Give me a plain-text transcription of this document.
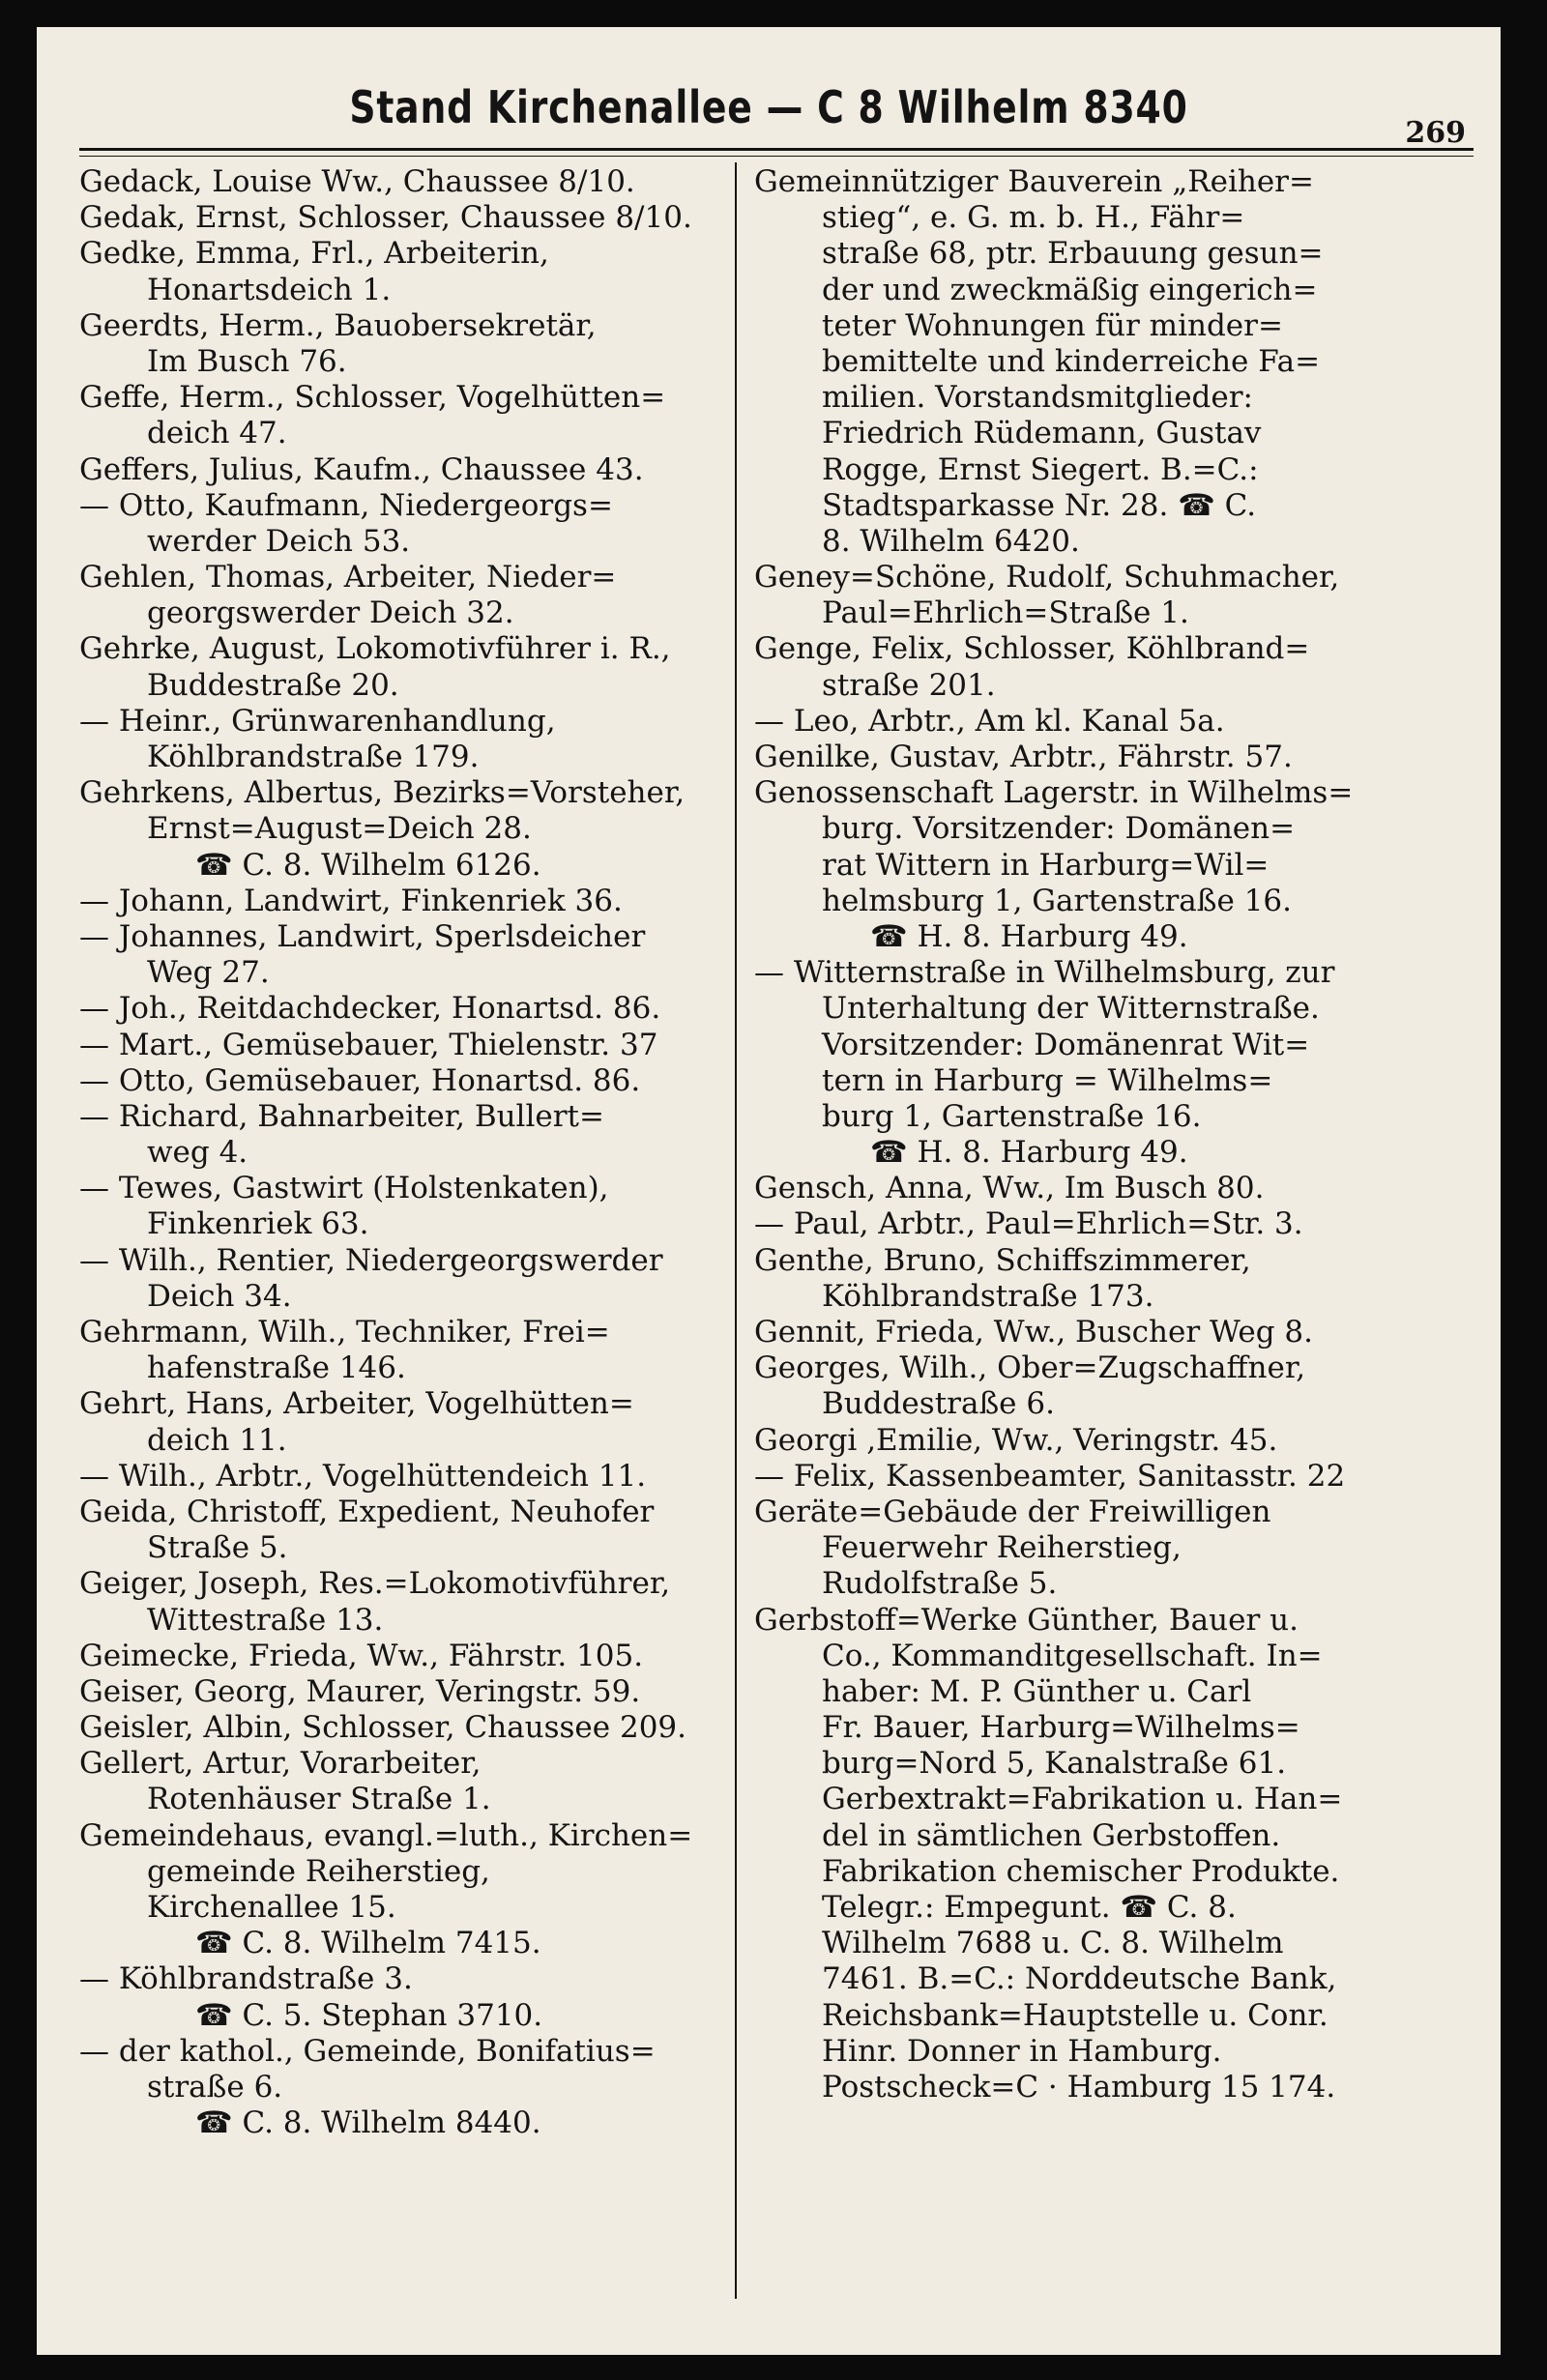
Stand Kirchenallee — C 8 Wilhelm 8340	269
Gedack, Louise Ww., Chaussee 8/10.
Gedak, Ernst, Schlosser, Chaussee 8/10.
Gedke, Emma, Frl., Arbeiterin,
Honartsdeich 1.
Geerdts, Herm., Bauobersekretär,
Im Busch 76.
Geffe, Herm., Schlosser, Vogelhütten=
deich 47.
Geffers, Julius, Kaufm., Chaussee 43.
— Otto, Kaufmann, Niedergeorgs=
werder Deich 53.
Gehlen, Thomas, Arbeiter, Nieder=
georgswerder Deich 32.
Gehrke, August, Lokomotivführer i. R.,
Buddestraße 20.
— Heinr., Grünwarenhandlung,
Köhlbrandstraße 179.
Gehrkens, Albertus, Bezirks=Vorsteher,
Ernst=August=Deich 28.
☎ C. 8. Wilhelm 6126.
— Johann, Landwirt, Finkenriek 36.
— Johannes, Landwirt, Sperlsdeicher
Weg 27.
— Joh., Reitdachdecker, Honartsd. 86.
— Mart., Gemüsebauer, Thielenstr. 37
— Otto, Gemüsebauer, Honartsd. 86.
— Richard, Bahnarbeiter, Bullert=
weg 4.
— Tewes, Gastwirt (Holstenkaten),
Finkenriek 63.
— Wilh., Rentier, Niedergeorgswerder
Deich 34.
Gehrmann, Wilh., Techniker, Frei=
hafenstraße 146.
Gehrt, Hans, Arbeiter, Vogelhütten=
deich 11.
— Wilh., Arbtr., Vogelhüttendeich 11.
Geida, Christoff, Expedient, Neuhofer
Straße 5.
Geiger, Joseph, Res.=Lokomotivführer,
Wittestraße 13.
Geimecke, Frieda, Ww., Fährstr. 105.
Geiser, Georg, Maurer, Veringstr. 59.
Geisler, Albin, Schlosser, Chaussee 209.
Gellert, Artur, Vorarbeiter,
Rotenhäuser Straße 1.
Gemeindehaus, evangl.=luth., Kirchen=
gemeinde Reiherstieg,
Kirchenallee 15.
☎ C. 8. Wilhelm 7415.
— Köhlbrandstraße 3.
☎ C. 5. Stephan 3710.
— der kathol., Gemeinde, Bonifatius=
straße 6.
☎ C. 8. Wilhelm 8440.
Gemeinnütziger Bauverein „Reiher=
stieg“, e. G. m. b. H., Fähr=
straße 68, ptr. Erbauung gesun=
der und zweckmäßig eingerich=
teter Wohnungen für minder=
bemittelte und kinderreiche Fa=
milien. Vorstandsmitglieder:
Friedrich Rüdemann, Gustav
Rogge, Ernst Siegert. B.=C.:
Stadtsparkasse Nr. 28. ☎ C.
8. Wilhelm 6420.
Geney=Schöne, Rudolf, Schuhmacher,
Paul=Ehrlich=Straße 1.
Genge, Felix, Schlosser, Köhlbrand=
straße 201.
— Leo, Arbtr., Am kl. Kanal 5a.
Genilke, Gustav, Arbtr., Fährstr. 57.
Genossenschaft Lagerstr. in Wilhelms=
burg. Vorsitzender: Domänen=
rat Wittern in Harburg=Wil=
helmsburg 1, Gartenstraße 16.
☎ H. 8. Harburg 49.
— Witternstraße in Wilhelmsburg, zur
Unterhaltung der Witternstraße.
Vorsitzender: Domänenrat Wit=
tern in Harburg = Wilhelms=
burg 1, Gartenstraße 16.
☎ H. 8. Harburg 49.
Gensch, Anna, Ww., Im Busch 80.
— Paul, Arbtr., Paul=Ehrlich=Str. 3.
Genthe, Bruno, Schiffszimmerer,
Köhlbrandstraße 173.
Gennit, Frieda, Ww., Buscher Weg 8.
Georges, Wilh., Ober=Zugschaffner,
Buddestraße 6.
Georgi ,Emilie, Ww., Veringstr. 45.
— Felix, Kassenbeamter, Sanitasstr. 22
Geräte=Gebäude der Freiwilligen
Feuerwehr Reiherstieg,
Rudolfstraße 5.
Gerbstoff=Werke Günther, Bauer u.
Co., Kommanditgesellschaft. In=
haber: M. P. Günther u. Carl
Fr. Bauer, Harburg=Wilhelms=
burg=Nord 5, Kanalstraße 61.
Gerbextrakt=Fabrikation u. Han=
del in sämtlichen Gerbstoffen.
Fabrikation chemischer Produkte.
Telegr.: Empegunt. ☎ C. 8.
Wilhelm 7688 u. C. 8. Wilhelm
7461. B.=C.: Norddeutsche Bank,
Reichsbank=Hauptstelle u. Conr.
Hinr. Donner in Hamburg.
Postscheck=C · Hamburg 15 174.
